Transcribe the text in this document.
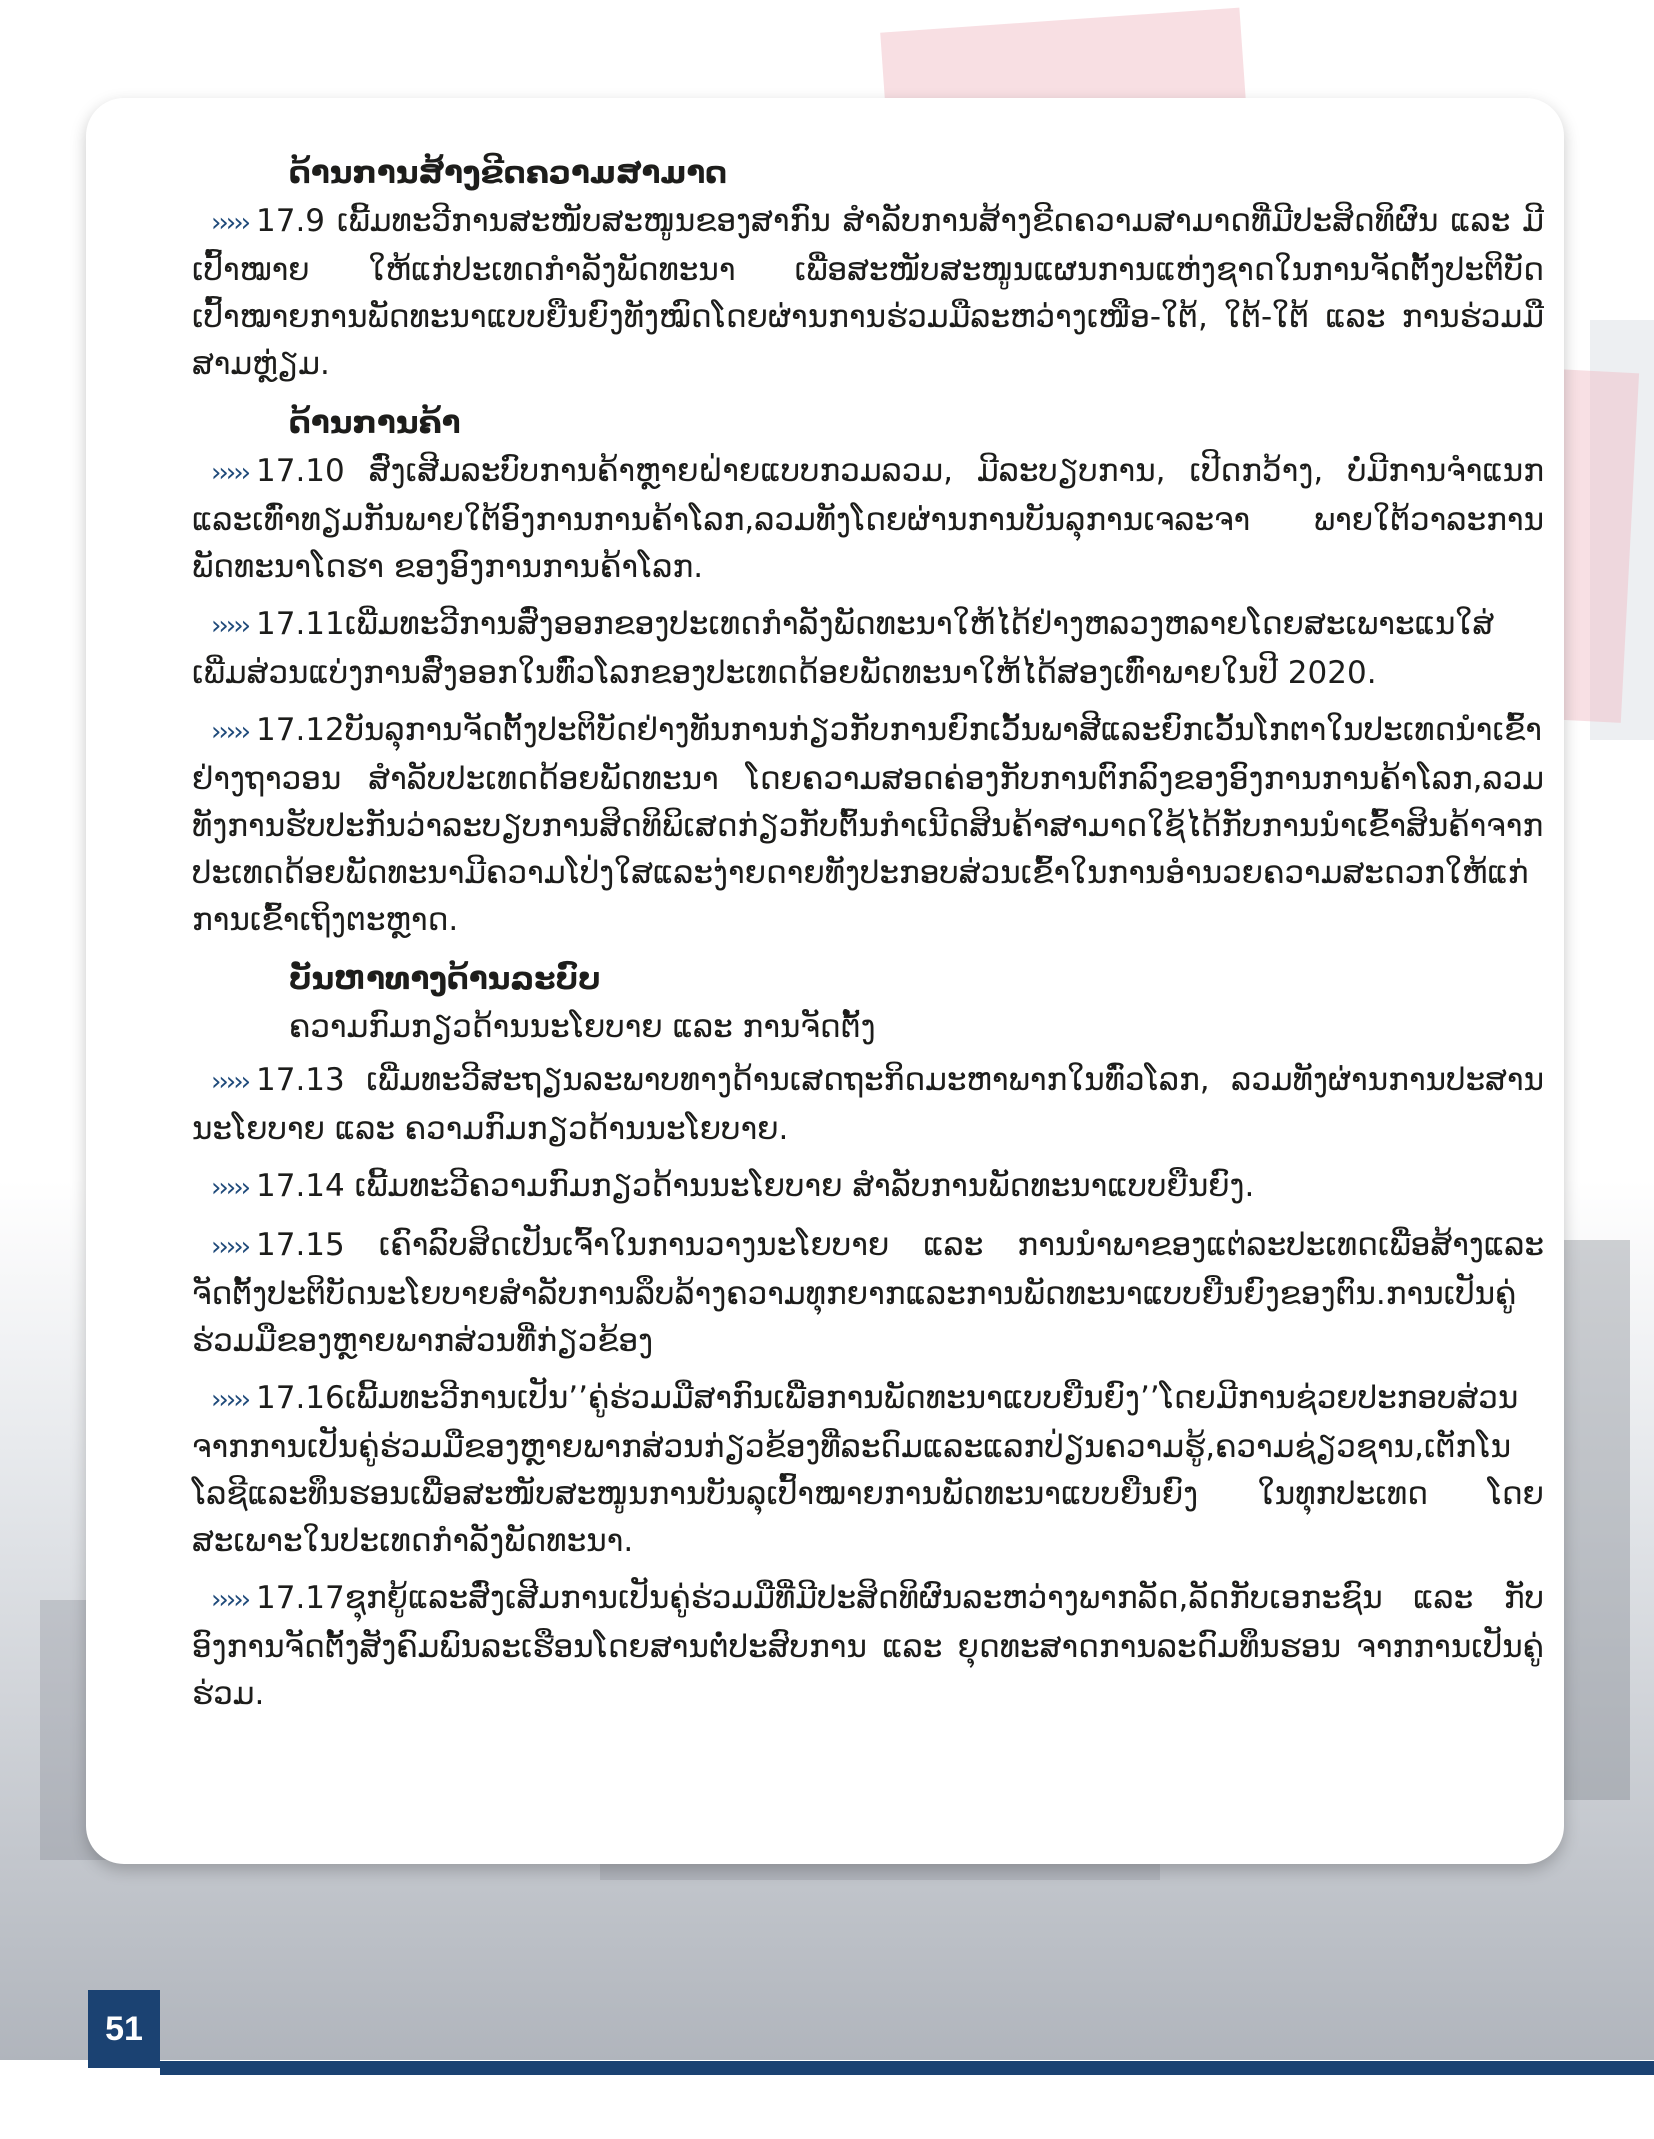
ດ້ານການສ້າງຂີດຄວາມສາມາດ

››››› 17.9 ເພີ້ມທະວີການສະໜັບສະໜູນຂອງສາກົນ ສຳລັບການສ້າງຂີດຄວາມສາມາດທີ່ມີປະສິດທິຜົນ ແລະ ມີເປົ້າໝາຍ ໃຫ້ແກ່ປະເທດກຳລັງພັດທະນາ ເພື່ອສະໜັບສະໜູນແຜນການແຫ່ງຊາດໃນການຈັດຕັ້ງປະຕິບັດເປົ້າໝາຍການພັດທະນາແບບຍືນຍົງທັງໝົດໂດຍຜ່ານການຮ່ວມມືລະຫວ່າງເໜືອ-ໃຕ້, ໃຕ້-ໃຕ້ ແລະ ການຮ່ວມມືສາມຫຼ່ຽມ.

ດ້ານການຄ້າ

››››› 17.10 ສົ່ງເສີມລະບົບການຄ້າຫຼາຍຝ່າຍແບບກວມລວມ, ມີລະບຽບການ, ເປີດກວ້າງ, ບໍ່ມີການຈຳແນກແລະເທົ່າທຽມກັນພາຍໃຕ້ອົງການການຄ້າໂລກ,ລວມທັງໂດຍຜ່ານການບັນລຸການເຈລະຈາ ພາຍໃຕ້ວາລະການພັດທະນາໂດຮາ ຂອງອົງການການຄ້າໂລກ.

››››› 17.11ເພີ່ມທະວີການສົ່ງອອກຂອງປະເທດກຳລັງພັດທະນາໃຫ້ໄດ້ຢ່າງຫລວງຫລາຍໂດຍສະເພາະແນໃສ່ເພີ່ມສ່ວນແບ່ງການສົ່ງອອກໃນທົ່ວໂລກຂອງປະເທດດ້ອຍພັດທະນາໃຫ້ໄດ້ສອງເທົ່າພາຍໃນປີ 2020.

››››› 17.12ບັນລຸການຈັດຕັ້ງປະຕິບັດຢ່າງທັນການກ່ຽວກັບການຍົກເວັ້ນພາສີແລະຍົກເວັ້ນໂກຕາໃນປະເທດນຳເຂົ້າຢ່າງຖາວອນ ສຳລັບປະເທດດ້ອຍພັດທະນາ ໂດຍຄວາມສອດຄ່ອງກັບການຕົກລົງຂອງອົງການການຄ້າໂລກ,ລວມທັງການຮັບປະກັນວ່າລະບຽບການສິດທິພິເສດກ່ຽວກັບຕົ້ນກຳເນີດສິນຄ້າສາມາດໃຊ້ໄດ້ກັບການນຳເຂົ້າສິນຄ້າຈາກປະເທດດ້ອຍພັດທະນາມີຄວາມໂປ່ງໃສແລະງ່າຍດາຍທັງປະກອບສ່ວນເຂົ້າໃນການອຳນວຍຄວາມສະດວກໃຫ້ແກ່ການເຂົ້າເຖິງຕະຫຼາດ.

ບັນຫາທາງດ້ານລະບົບ

ຄວາມກົມກຽວດ້ານນະໂຍບາຍ ແລະ ການຈັດຕັ້ງ

››››› 17.13 ເພີ່ມທະວີສະຖຽນລະພາບທາງດ້ານເສດຖະກິດມະຫາພາກໃນທົ່ວໂລກ, ລວມທັງຜ່ານການປະສານນະໂຍບາຍ ແລະ ຄວາມກົມກຽວດ້ານນະໂຍບາຍ.

››››› 17.14 ເພີ້ມທະວີຄວາມກົມກຽວດ້ານນະໂຍບາຍ ສຳລັບການພັດທະນາແບບຍືນຍົງ.

››››› 17.15 ເຄົາລົບສິດເປັນເຈົ້າໃນການວາງນະໂຍບາຍ ແລະ ການນຳພາຂອງແຕ່ລະປະເທດເພື່ອສ້າງແລະຈັດຕັ້ງປະຕິບັດນະໂຍບາຍສຳລັບການລຶບລ້າງຄວາມທຸກຍາກແລະການພັດທະນາແບບຍືນຍົງຂອງຕົນ.ການເປັນຄູ່ຮ່ວມມືຂອງຫຼາຍພາກສ່ວນທີ່ກ່ຽວຂ້ອງ

››››› 17.16ເພີ້ມທະວີການເປັນ’’ຄູ່ຮ່ວມມືສາກົນເພື່ອການພັດທະນາແບບຍືນຍົງ’’ໂດຍມີການຊ່ວຍປະກອບສ່ວນຈາກການເປັນຄູ່ຮ່ວມມືຂອງຫຼາຍພາກສ່ວນກ່ຽວຂ້ອງທີ່ລະດົມແລະແລກປ່ຽນຄວາມຮູ້,ຄວາມຊ່ຽວຊານ,ເຕັກໂນໂລຊີແລະທຶນຮອນເພື່ອສະໜັບສະໜູນການບັນລຸເປົ້າໝາຍການພັດທະນາແບບຍືນຍົງ ໃນທຸກປະເທດ ໂດຍສະເພາະໃນປະເທດກຳລັງພັດທະນາ.

››››› 17.17ຊຸກຍູ້ແລະສົ່ງເສີມການເປັນຄູ່ຮ່ວມມືທີ່ມີປະສິດທິຜົນລະຫວ່າງພາກລັດ,ລັດກັບເອກະຊົນ ແລະ ກັບອົງການຈັດຕັ້ງສັງຄົມພົນລະເຮືອນໂດຍສານຕໍ່ປະສົບການ ແລະ ຍຸດທະສາດການລະດົມທຶນຮອນ ຈາກການເປັນຄູ່ຮ່ວມ.

51
